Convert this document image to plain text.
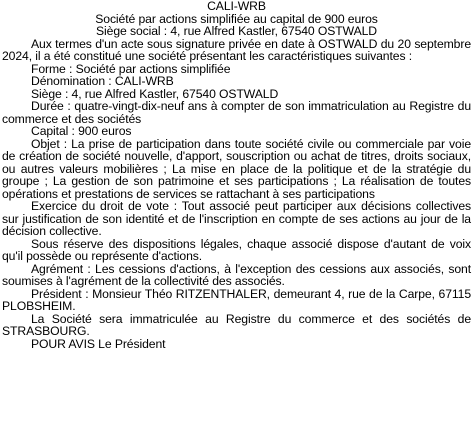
CALI-WRB

Société par actions simplifiée au capital de 900 euros

Siège social : 4, rue Alfred Kastler, 67540 OSTWALD

Aux termes d'un acte sous signature privée en date à OSTWALD du 20 septembre 2024, il a été constitué une société présentant les caractéristiques suivantes :

Forme : Société par actions simplifiée

Dénomination : CALI-WRB

Siège : 4, rue Alfred Kastler, 67540 OSTWALD

Durée : quatre-vingt-dix-neuf ans à compter de son immatriculation au Registre du commerce et des sociétés

Capital : 900 euros

Objet : La prise de participation dans toute société civile ou commerciale par voie de création de société nouvelle, d'apport, souscription ou achat de titres, droits sociaux, ou autres valeurs mobilières ; La mise en place de la politique et de la stratégie du groupe ; La gestion de son patrimoine et ses participations ; La réalisation de toutes opérations et prestations de services se rattachant à ses participations

Exercice du droit de vote : Tout associé peut participer aux décisions collectives sur justification de son identité et de l'inscription en compte de ses actions au jour de la décision collective.

Sous réserve des dispositions légales, chaque associé dispose d'autant de voix qu'il possède ou représente d'actions.

Agrément : Les cessions d'actions, à l'exception des cessions aux associés, sont soumises à l'agrément de la collectivité des associés.

Président : Monsieur Théo RITZENTHALER, demeurant 4, rue de la Carpe, 67115 PLOBSHEIM.

La Société sera immatriculée au Registre du commerce et des sociétés de STRASBOURG.

POUR AVIS Le Président
